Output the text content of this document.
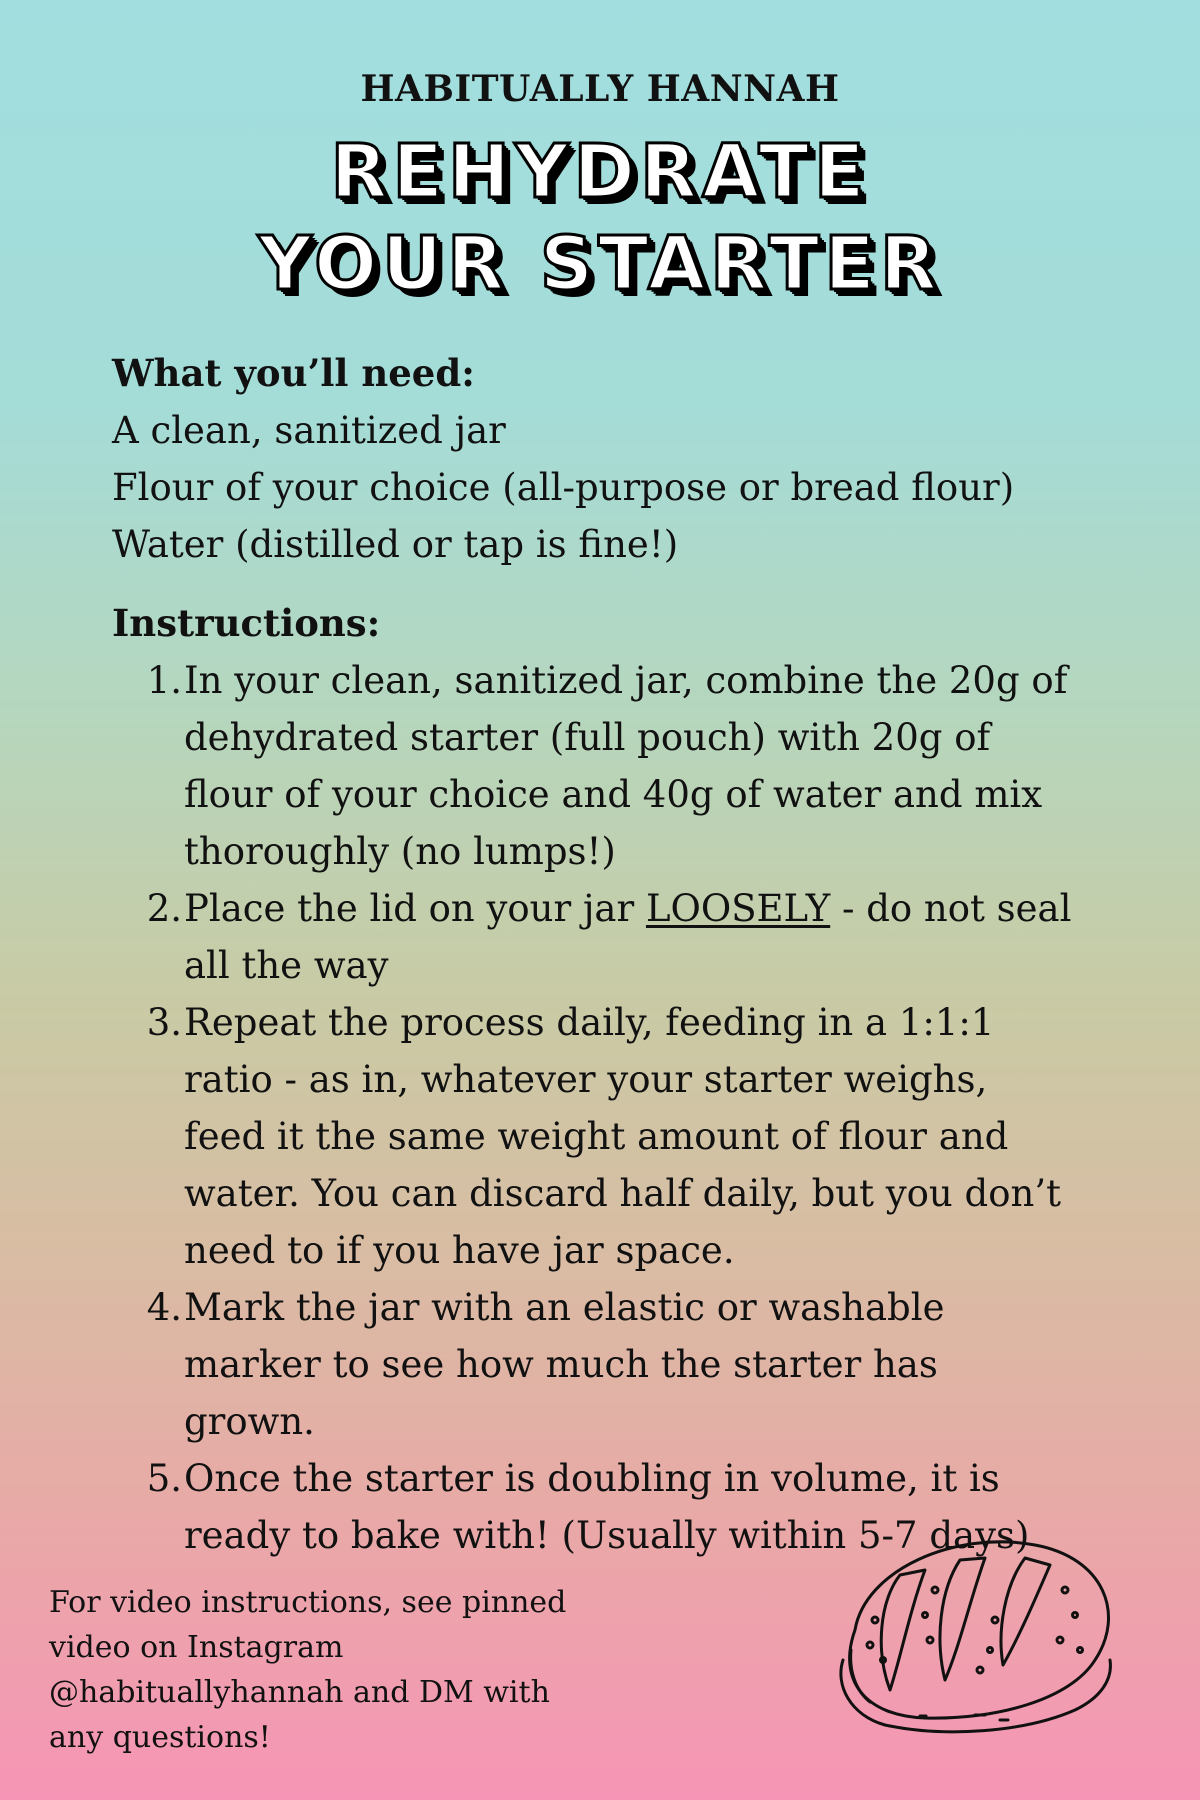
HABITUALLY HANNAH
REHYDRATE
YOUR STARTER
What you’ll need:
A clean, sanitized jar
Flour of your choice (all-purpose or bread flour)
Water (distilled or tap is fine!)
Instructions:
1. In your clean, sanitized jar, combine the 20g of dehydrated starter (full pouch) with 20g of flour of your choice and 40g of water and mix thoroughly (no lumps!)
2. Place the lid on your jar LOOSELY - do not seal all the way
3. Repeat the process daily, feeding in a 1:1:1 ratio - as in, whatever your starter weighs, feed it the same weight amount of flour and water. You can discard half daily, but you don’t need to if you have jar space.
4. Mark the jar with an elastic or washable marker to see how much the starter has grown.
5. Once the starter is doubling in volume, it is ready to bake with! (Usually within 5-7 days)
For video instructions, see pinned video on Instagram @habituallyhannah and DM with any questions!
